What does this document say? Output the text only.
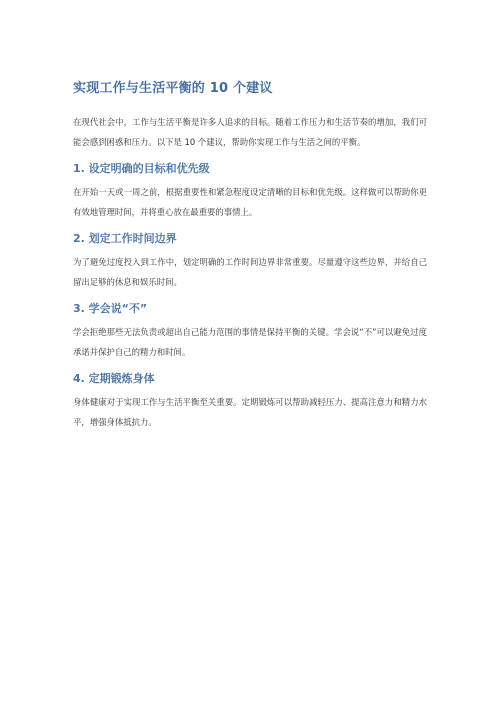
实现工作与生活平衡的 10 个建议

在现代社会中，工作与生活平衡是许多人追求的目标。随着工作压力和生活节奏的增加，我们可能会感到困惑和压力。以下是 10 个建议，帮助你实现工作与生活之间的平衡。

1. 设定明确的目标和优先级

在开始一天或一周之前，根据重要性和紧急程度设定清晰的目标和优先级。这样做可以帮助你更有效地管理时间，并将重心放在最重要的事情上。

2. 划定工作时间边界

为了避免过度投入到工作中，划定明确的工作时间边界非常重要。尽量遵守这些边界，并给自己留出足够的休息和娱乐时间。

3. 学会说“不”

学会拒绝那些无法负责或超出自己能力范围的事情是保持平衡的关键。学会说“不”可以避免过度承诺并保护自己的精力和时间。

4. 定期锻炼身体

身体健康对于实现工作与生活平衡至关重要。定期锻炼可以帮助减轻压力、提高注意力和精力水平，增强身体抵抗力。
